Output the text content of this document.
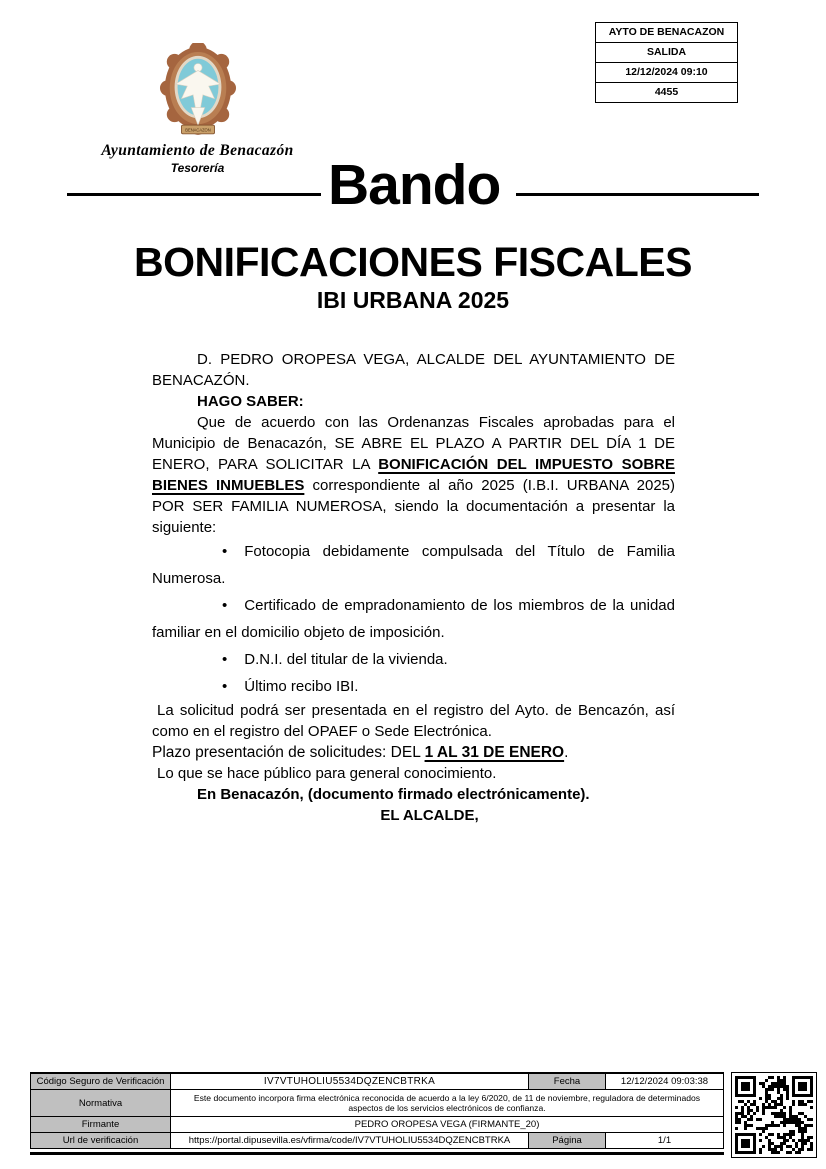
AYTO DE BENACAZON
SALIDA
12/12/2024 09:10
4455
BENACAZON
Ayuntamiento de Benacazón
Tesorería	Bando
BONIFICACIONES FISCALES
IBI URBANA 2025

D. PEDRO OROPESA VEGA, ALCALDE DEL AYUNTAMIENTO DE BENACAZÓN.

HAGO SABER:

Que de acuerdo con las Ordenanzas Fiscales aprobadas para el Municipio de Benacazón, SE ABRE EL PLAZO A PARTIR DEL DÍA 1 DE ENERO, PARA SOLICITAR LA BONIFICACIÓN DEL IMPUESTO SOBRE BIENES INMUEBLES correspondiente al año 2025 (I.B.I. URBANA 2025) POR SER FAMILIA NUMEROSA, siendo la documentación a presentar la siguiente:

• Fotocopia debidamente compulsada del Título de Familia Numerosa.

• Certificado de empradonamiento de los miembros de la unidad familiar en el domicilio objeto de imposición.

• D.N.I. del titular de la vivienda.

• Último recibo IBI.

La solicitud podrá ser presentada en el registro del Ayto. de Bencazón, así como en el registro del OPAEF o Sede Electrónica.

Plazo presentación de solicitudes: DEL 1 AL 31 DE ENERO.

Lo que se hace público para general conocimiento.

En Benacazón, (documento firmado electrónicamente).

EL ALCALDE,

Código Seguro de Verificación	IV7VTUHOLIU5534DQZENCBTRKA	Fecha	12/12/2024 09:03:38
Normativa	Este documento incorpora firma electrónica reconocida de acuerdo a la ley 6/2020, de 11 de noviembre, reguladora de determinados aspectos de los servicios electrónicos de confianza.		
Firmante	PEDRO OROPESA VEGA (FIRMANTE_20)		
Url de verificación	https://portal.dipusevilla.es/vfirma/code/IV7VTUHOLIU5534DQZENCBTRKA	Página	1/1
